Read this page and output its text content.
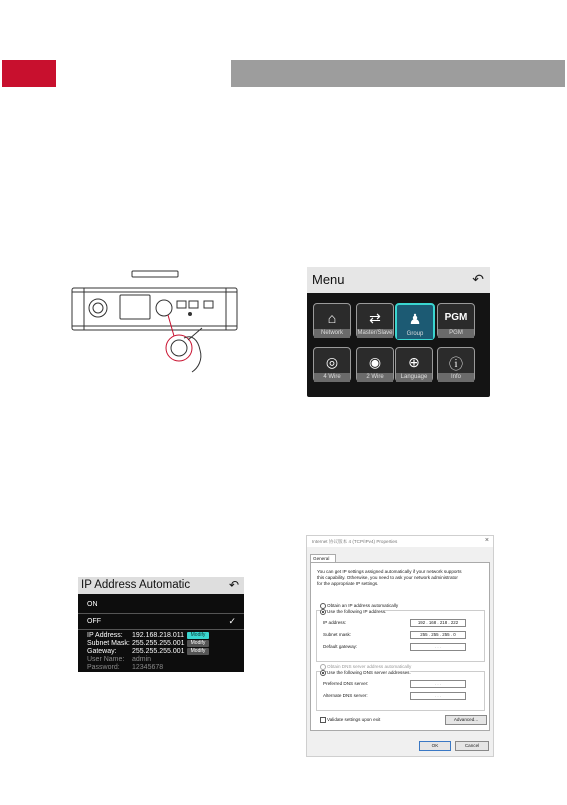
Menu	↶
⌂
Network
⇄
Master/Slave
♟
Group
PGM
PGM
◎
4 Wire
◉
2 Wire
⊕
Language
ⓘ
Info
IP Address Automatic	↶
ON
OFF	✓
IP Address: 192.168.218.011	Modify
Subnet Mask: 255.255.255.001	Modify
Gateway: 255.255.255.001	Modify
User Name: admin
Password: 12345678
Internet 协议版本 4 (TCP/IPv4) Properties	×
General
You can get IP settings assigned automatically if your network supports
this capability. Otherwise, you need to ask your network administrator
for the appropriate IP settings.
Obtain an IP address automatically
Use the following IP address:
IP address:	192 . 168 . 218 . 222
Subnet mask:	255 . 255 . 255 . 0
Default gateway:	. . .
Obtain DNS server address automatically
Use the following DNS server addresses:
Preferred DNS server:	. . .
Alternate DNS server:	. . .
Validate settings upon exit	Advanced...
OK	Cancel
